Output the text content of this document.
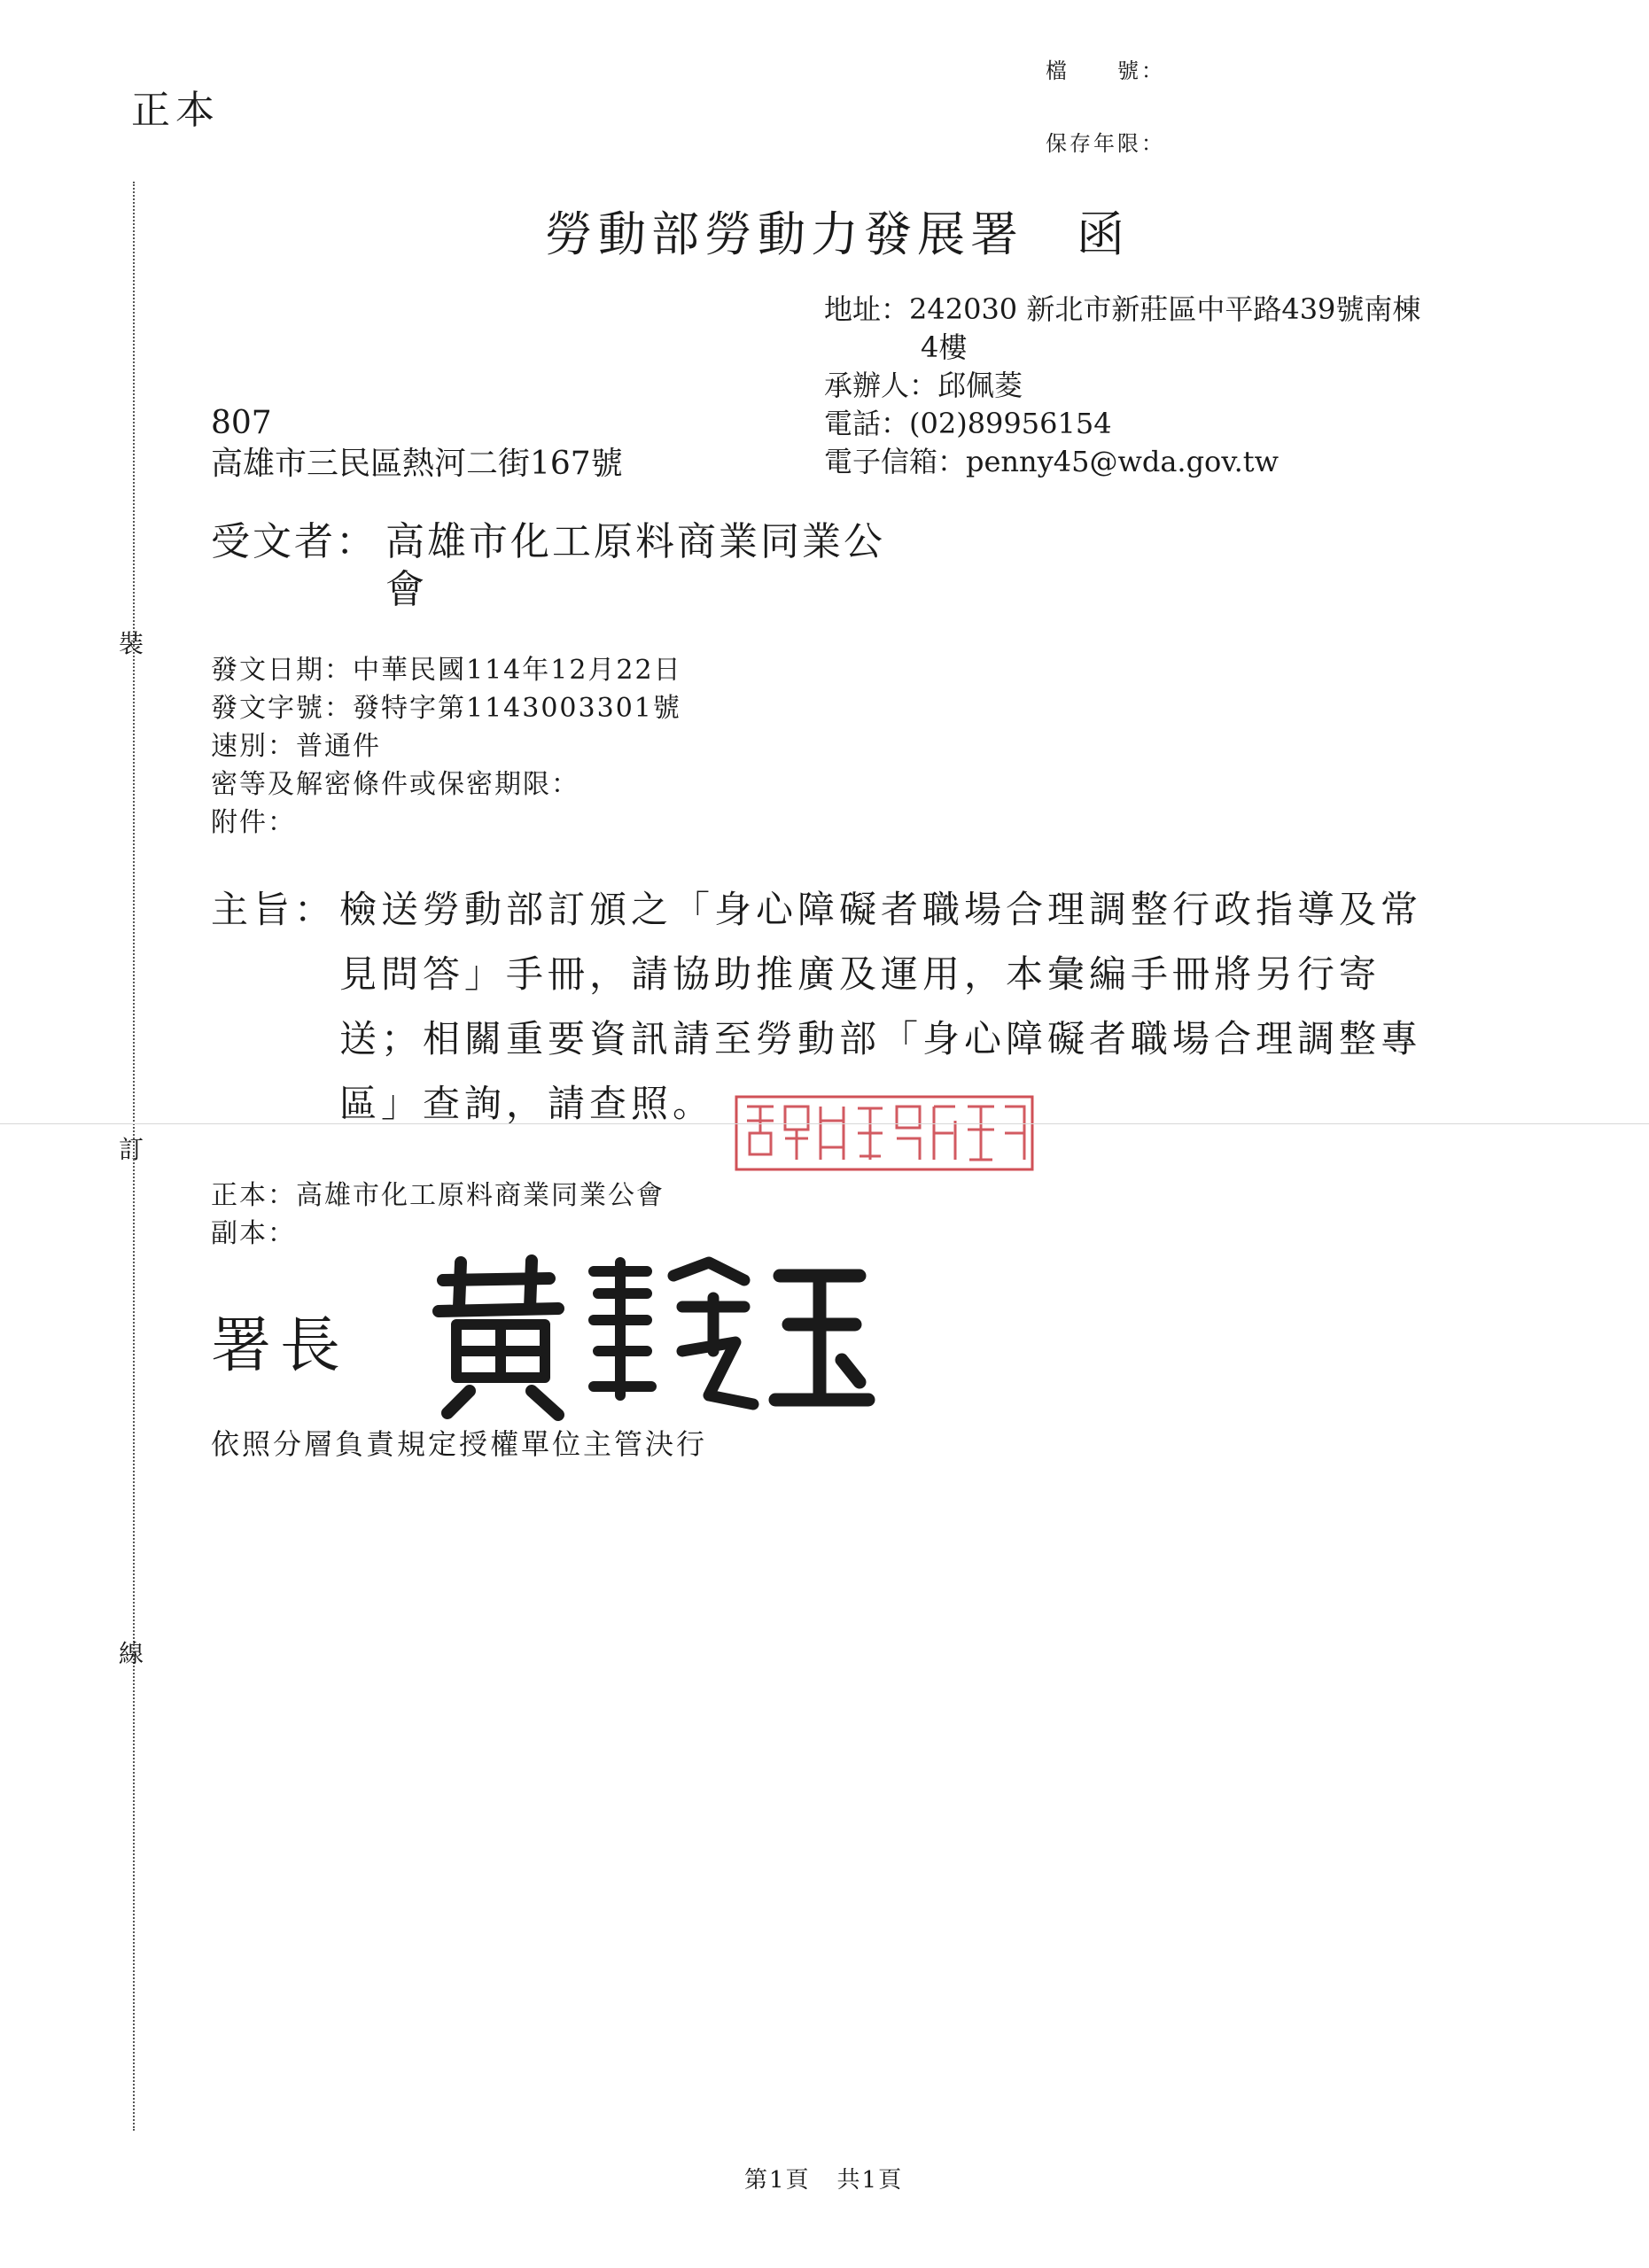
正本
檔　　號：
保存年限：
勞動部勞動力發展署　函
地址：242030 新北市新莊區中平路439號南棟
4樓
承辦人：邱佩菱
電話：(02)89956154
電子信箱：penny45@wda.gov.tw
807
高雄市三民區熱河二街167號
受文者： 高雄市化工原料商業同業公
會
發文日期：中華民國114年12月22日
發文字號：發特字第1143003301號
速別：普通件
密等及解密條件或保密期限：
附件：
主旨： 檢送勞動部訂頒之「身心障礙者職場合理調整行政指導及常
見問答」手冊，請協助推廣及運用，本彙編手冊將另行寄
送；相關重要資訊請至勞動部「身心障礙者職場合理調整專
區」查詢，請查照。
正本：高雄市化工原料商業同業公會
副本：
署長
依照分層負責規定授權單位主管決行
裝
訂
線
第1頁 共1頁
